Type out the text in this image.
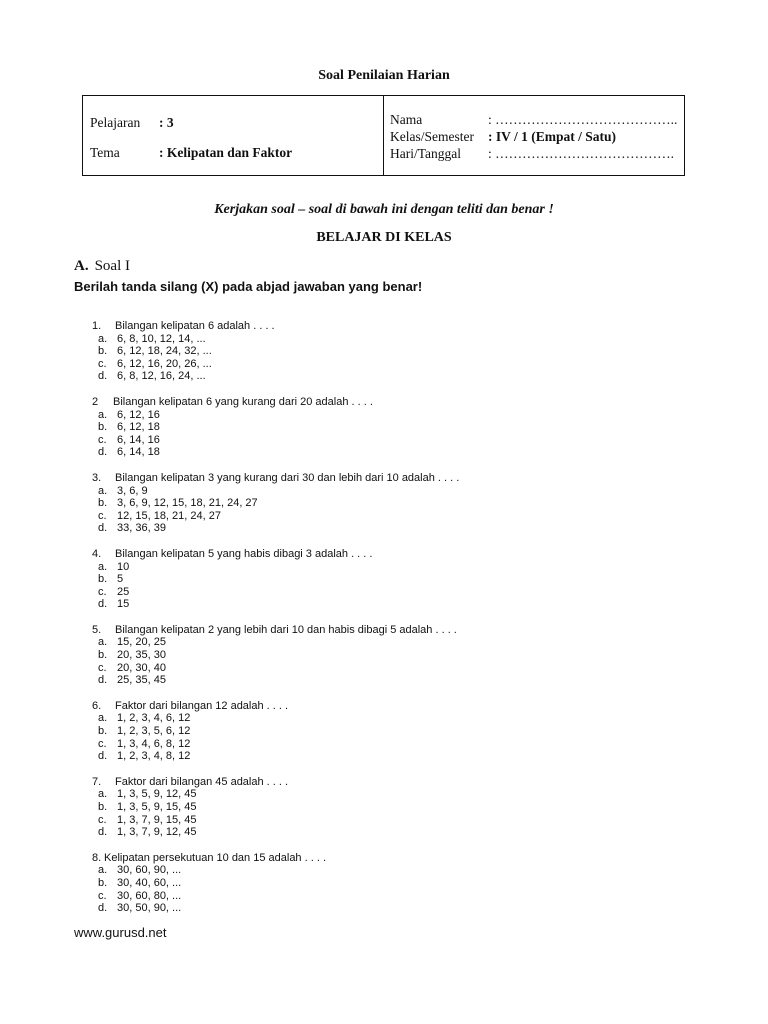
Soal Penilaian Harian
Pelajaran : 3
Tema	: Kelipatan dan Faktor
Nama	: …………………………………..
Kelas/Semester : IV / 1 (Empat / Satu)
Hari/Tanggal : ………………………………….
Kerjakan soal – soal di bawah ini dengan teliti dan benar !
BELAJAR DI KELAS
A. Soal I
Berilah tanda silang (X) pada abjad jawaban yang benar!
1. Bilangan kelipatan 6 adalah . . . .
a. 6, 8, 10, 12, 14, ...
b. 6, 12, 18, 24, 32, ...
c. 6, 12, 16, 20, 26, ...
d. 6, 8, 12, 16, 24, ...
2 Bilangan kelipatan 6 yang kurang dari 20 adalah . . . .
a. 6, 12, 16
b. 6, 12, 18
c. 6, 14, 16
d. 6, 14, 18
3. Bilangan kelipatan 3 yang kurang dari 30 dan lebih dari 10 adalah . . . .
a. 3, 6, 9
b. 3, 6, 9, 12, 15, 18, 21, 24, 27
c. 12, 15, 18, 21, 24, 27
d. 33, 36, 39
4. Bilangan kelipatan 5 yang habis dibagi 3 adalah . . . .
a. 10
b. 5
c. 25
d. 15
5. Bilangan kelipatan 2 yang lebih dari 10 dan habis dibagi 5 adalah . . . .
a. 15, 20, 25
b. 20, 35, 30
c. 20, 30, 40
d. 25, 35, 45
6. Faktor dari bilangan 12 adalah . . . .
a. 1, 2, 3, 4, 6, 12
b. 1, 2, 3, 5, 6, 12
c. 1, 3, 4, 6, 8, 12
d. 1, 2, 3, 4, 8, 12
7. Faktor dari bilangan 45 adalah . . . .
a. 1, 3, 5, 9, 12, 45
b. 1, 3, 5, 9, 15, 45
c. 1, 3, 7, 9, 15, 45
d. 1, 3, 7, 9, 12, 45
8. Kelipatan persekutuan 10 dan 15 adalah . . . .
a. 30, 60, 90, ...
b. 30, 40, 60, ...
c. 30, 60, 80, ...
d. 30, 50, 90, ...
www.gurusd.net
